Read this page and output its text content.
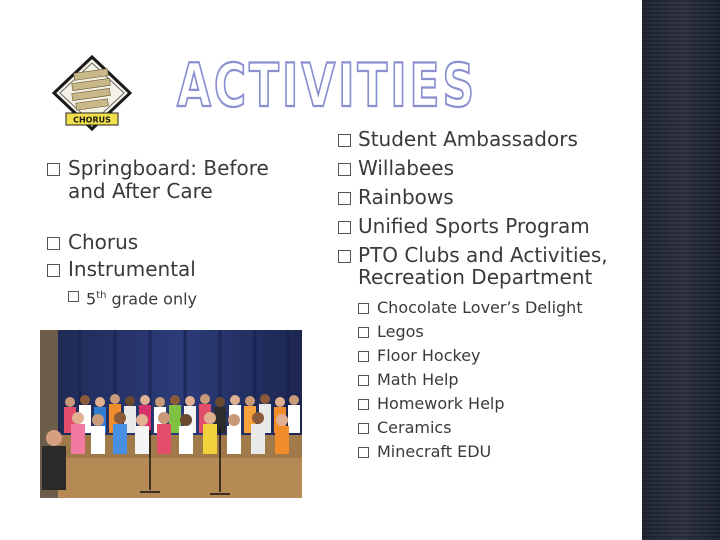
CHORUS ACTIVITIES
Springboard: Before and After Care
Chorus
Instrumental
5th grade only
Student Ambassadors
Willabees
Rainbows
Unified Sports Program
PTO Clubs and Activities, Recreation Department
Chocolate Lover’s Delight
Legos
Floor Hockey
Math Help
Homework Help
Ceramics
Minecraft EDU
